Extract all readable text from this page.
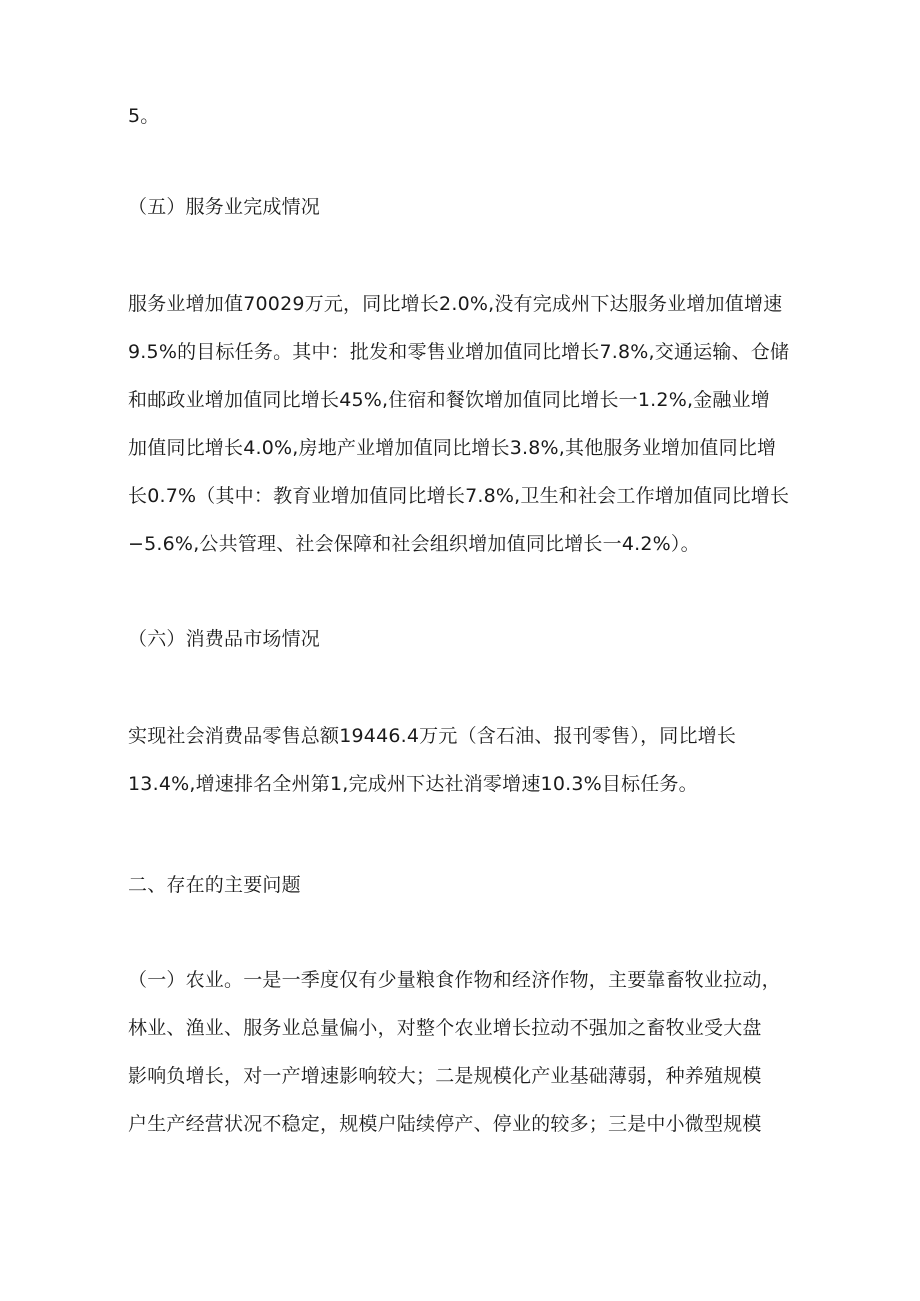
5。

（五）服务业完成情况

服务业增加值70029万元，同比增长2.0%,没有完成州下达服务业增加值增速
9.5%的目标任务。其中：批发和零售业增加值同比增长7.8%,交通运输、仓储
和邮政业增加值同比增长45%,住宿和餐饮增加值同比增长一1.2%,金融业增
加值同比增长4.0%,房地产业增加值同比增长3.8%,其他服务业增加值同比增
长0.7%（其中：教育业增加值同比增长7.8%,卫生和社会工作增加值同比增长
−5.6%,公共管理、社会保障和社会组织增加值同比增长一4.2%）。

（六）消费品市场情况

实现社会消费品零售总额19446.4万元（含石油、报刊零售），同比增长
13.4%,增速排名全州第1,完成州下达社消零增速10.3%目标任务。

二、存在的主要问题

（一）农业。一是一季度仅有少量粮食作物和经济作物，主要靠畜牧业拉动，
林业、渔业、服务业总量偏小，对整个农业增长拉动不强加之畜牧业受大盘
影响负增长，对一产增速影响较大；二是规模化产业基础薄弱，种养殖规模
户生产经营状况不稳定，规模户陆续停产、停业的较多；三是中小微型规模
